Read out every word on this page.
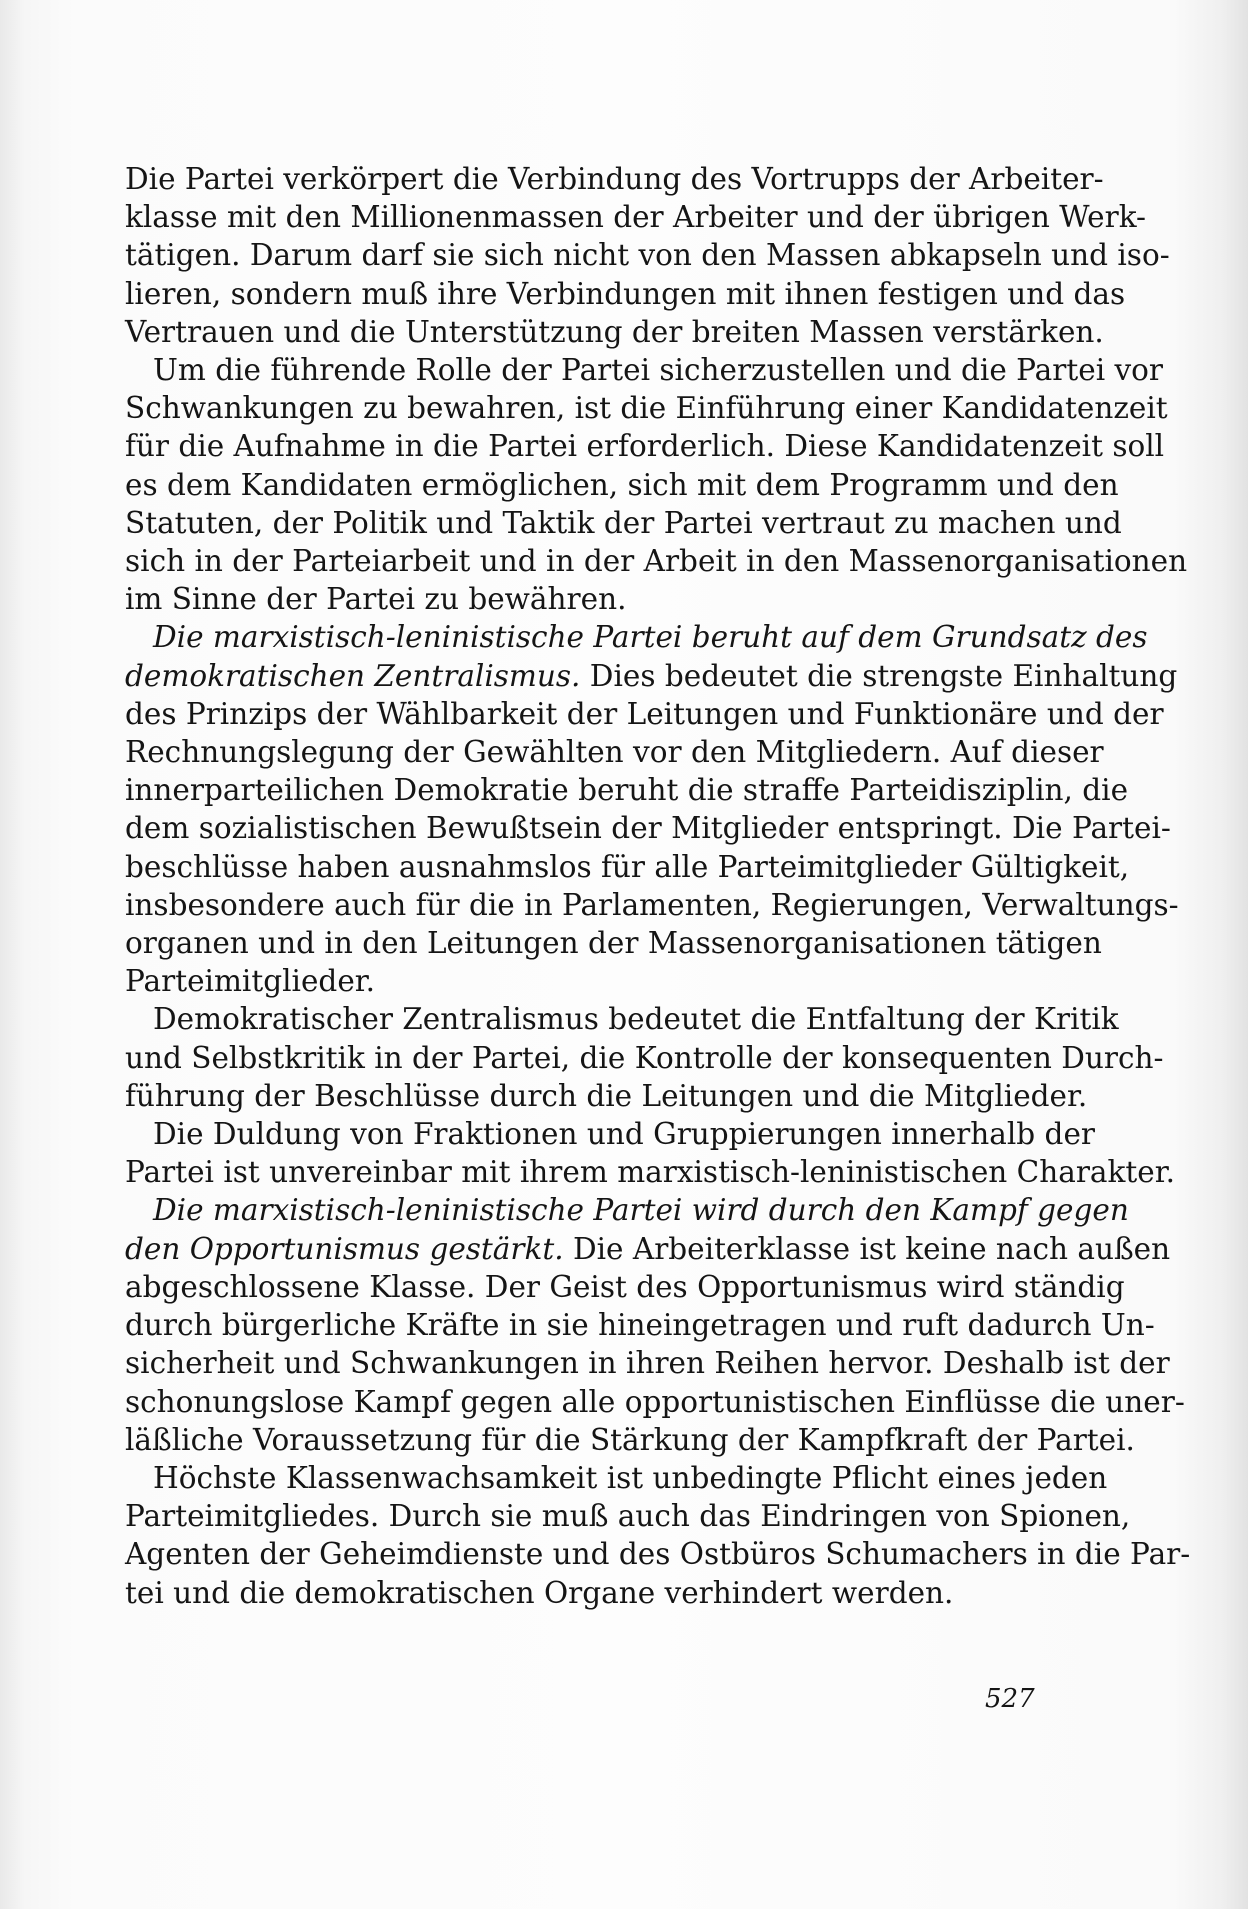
Die Partei verkörpert die Verbindung des Vortrupps der Arbeiter-
klasse mit den Millionenmassen der Arbeiter und der übrigen Werk-
tätigen. Darum darf sie sich nicht von den Massen abkapseln und iso-
lieren, sondern muß ihre Verbindungen mit ihnen festigen und das
Vertrauen und die Unterstützung der breiten Massen verstärken.
Um die führende Rolle der Partei sicherzustellen und die Partei vor
Schwankungen zu bewahren, ist die Einführung einer Kandidatenzeit
für die Aufnahme in die Partei erforderlich. Diese Kandidatenzeit soll
es dem Kandidaten ermöglichen, sich mit dem Programm und den
Statuten, der Politik und Taktik der Partei vertraut zu machen und
sich in der Parteiarbeit und in der Arbeit in den Massenorganisationen
im Sinne der Partei zu bewähren.
Die marxistisch-leninistische Partei beruht auf dem Grundsatz des
demokratischen Zentralismus. Dies bedeutet die strengste Einhaltung
des Prinzips der Wählbarkeit der Leitungen und Funktionäre und der
Rechnungslegung der Gewählten vor den Mitgliedern. Auf dieser
innerparteilichen Demokratie beruht die straffe Parteidisziplin, die
dem sozialistischen Bewußtsein der Mitglieder entspringt. Die Partei-
beschlüsse haben ausnahmslos für alle Parteimitglieder Gültigkeit,
insbesondere auch für die in Parlamenten, Regierungen, Verwaltungs-
organen und in den Leitungen der Massenorganisationen tätigen
Parteimitglieder.
Demokratischer Zentralismus bedeutet die Entfaltung der Kritik
und Selbstkritik in der Partei, die Kontrolle der konsequenten Durch-
führung der Beschlüsse durch die Leitungen und die Mitglieder.
Die Duldung von Fraktionen und Gruppierungen innerhalb der
Partei ist unvereinbar mit ihrem marxistisch-leninistischen Charakter.
Die marxistisch-leninistische Partei wird durch den Kampf gegen
den Opportunismus gestärkt. Die Arbeiterklasse ist keine nach außen
abgeschlossene Klasse. Der Geist des Opportunismus wird ständig
durch bürgerliche Kräfte in sie hineingetragen und ruft dadurch Un-
sicherheit und Schwankungen in ihren Reihen hervor. Deshalb ist der
schonungslose Kampf gegen alle opportunistischen Einflüsse die uner-
läßliche Voraussetzung für die Stärkung der Kampfkraft der Partei.
Höchste Klassenwachsamkeit ist unbedingte Pflicht eines jeden
Parteimitgliedes. Durch sie muß auch das Eindringen von Spionen,
Agenten der Geheimdienste und des Ostbüros Schumachers in die Par-
tei und die demokratischen Organe verhindert werden.
527
